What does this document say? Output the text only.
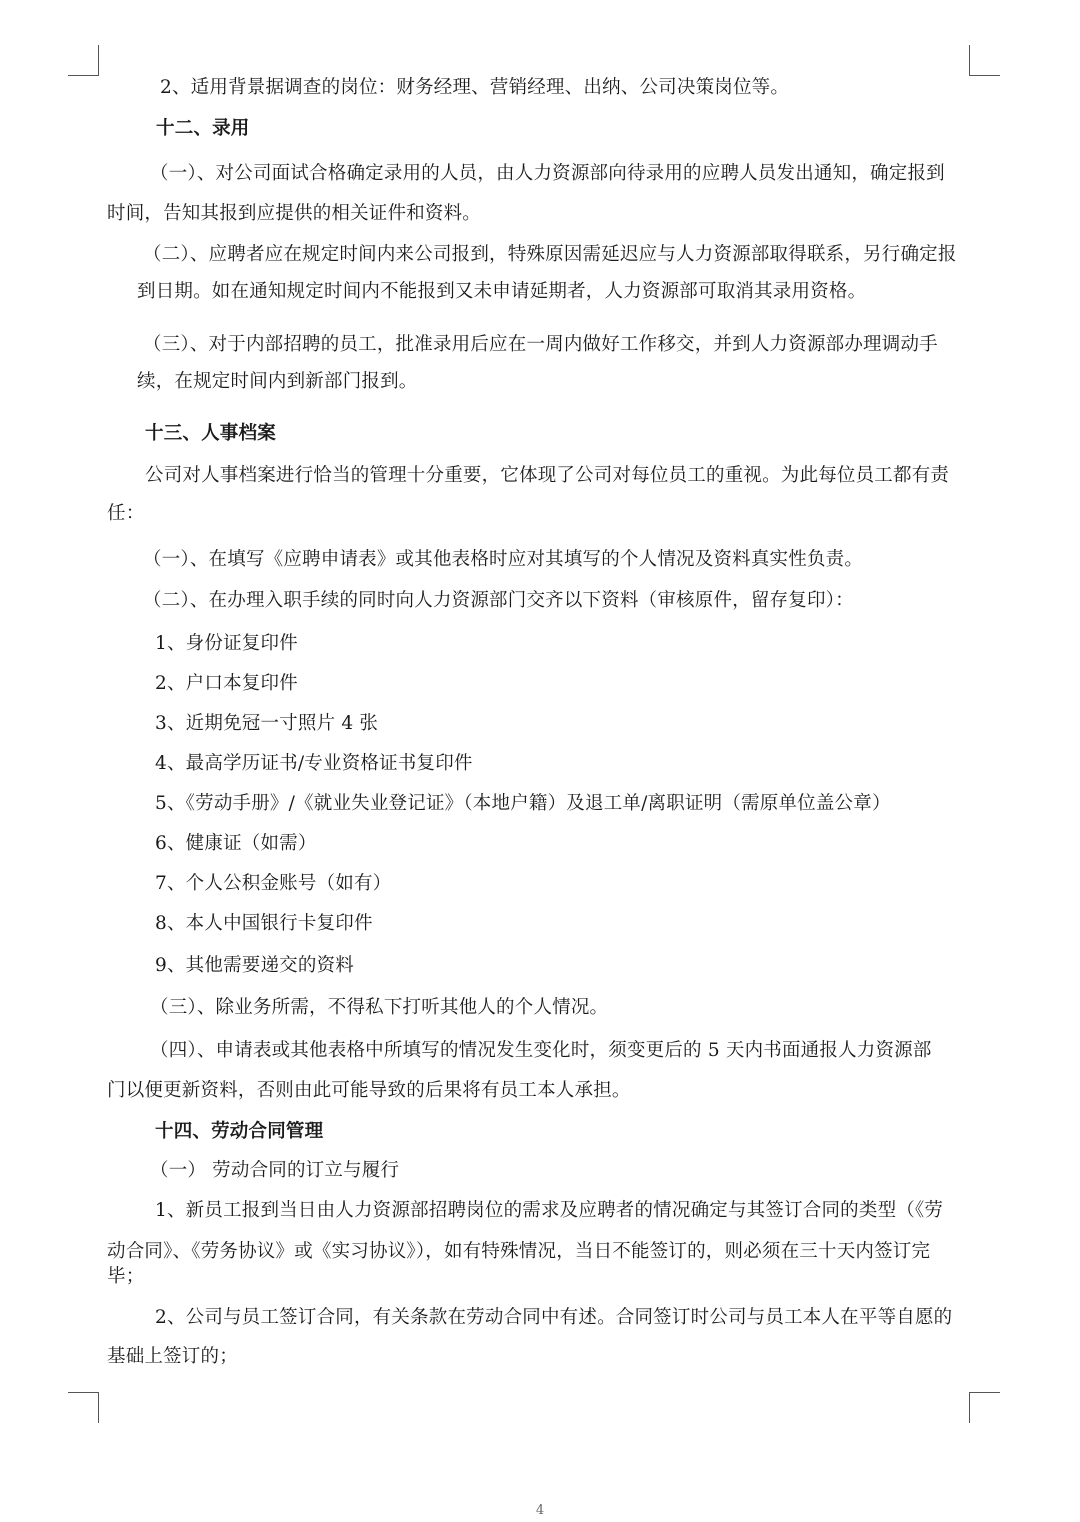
2、适用背景据调查的岗位：财务经理、营销经理、出纳、公司决策岗位等。
十二、录用
（一）、对公司面试合格确定录用的人员，由人力资源部向待录用的应聘人员发出通知，确定报到
时间，告知其报到应提供的相关证件和资料。
（二）、应聘者应在规定时间内来公司报到，特殊原因需延迟应与人力资源部取得联系，另行确定报
到日期。如在通知规定时间内不能报到又未申请延期者，人力资源部可取消其录用资格。
（三）、对于内部招聘的员工，批准录用后应在一周内做好工作移交，并到人力资源部办理调动手
续，在规定时间内到新部门报到。
十三、人事档案
公司对人事档案进行恰当的管理十分重要，它体现了公司对每位员工的重视。为此每位员工都有责
任：
（一）、在填写《应聘申请表》或其他表格时应对其填写的个人情况及资料真实性负责。
（二）、在办理入职手续的同时向人力资源部门交齐以下资料（审核原件，留存复印）：
1、身份证复印件
2、户口本复印件
3、近期免冠一寸照片 4 张
4、最高学历证书/专业资格证书复印件
5、《劳动手册》/《就业失业登记证》（本地户籍）及退工单/离职证明（需原单位盖公章）
6、健康证（如需）
7、个人公积金账号（如有）
8、本人中国银行卡复印件
9、其他需要递交的资料
（三）、除业务所需，不得私下打听其他人的个人情况。
（四）、申请表或其他表格中所填写的情况发生变化时，须变更后的 5 天内书面通报人力资源部
门以便更新资料，否则由此可能导致的后果将有员工本人承担。
十四、劳动合同管理
（一） 劳动合同的订立与履行
1、新员工报到当日由人力资源部招聘岗位的需求及应聘者的情况确定与其签订合同的类型（《劳
动合同》、《劳务协议》或《实习协议》），如有特殊情况，当日不能签订的，则必须在三十天内签订完
毕；
2、公司与员工签订合同，有关条款在劳动合同中有述。合同签订时公司与员工本人在平等自愿的
基础上签订的；
4
